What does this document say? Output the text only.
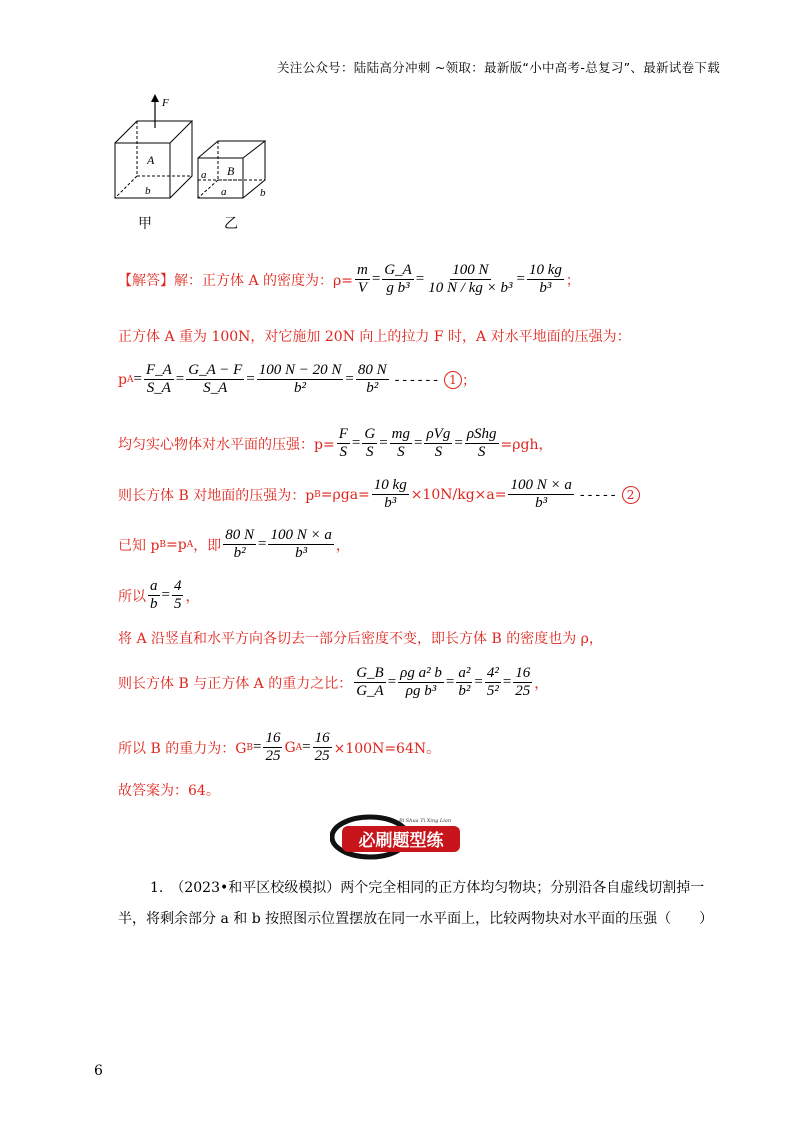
关注公众号：陆陆高分冲刺 ~领取：最新版“小中高考-总复习”、最新试卷下载
F
A
b
B
a
a	b
甲	乙
【解答】 解：正方体 A 的密度为：$\rho= \frac{m}{V} = \frac{G\_A}{\text{g b³}} = \frac{100 N}{\text{10 N / kg × b³}} = \frac{10 kg}{\text{b³}}$ ；
正方体 A 重为 100N，对它施加 20N 向上的拉力 F 时，A 对水平地面的压强为：
p $A = \frac{F\_A}{S\_A} = \frac{G\_A - F}{S\_A} = \frac{100 N - 20 N}{\text{b²}} = \frac{80 N}{\text{b²}}$ ------ 1 ；
均匀实心物体对水平面的压强：$p= \frac{F}{S} = \frac{G}{S} = \frac{mg}{S} = \frac{\text{ρVg}}{S} = \frac{\text{ρShg}}{S} =\rho gh$，
则长方体 B 对地面的压强为：p $B =\rho ga= \frac{10 kg}{\text{b³}} \times 10N/kg\times a= \frac{100 N \times a}{\text{b³}}$ ----- 2
已知 p B =p A ，即 $\frac{80 N}{\text{b²}} = \frac{100 N \times a}{\text{b³}}$ ，
所以 $\frac{a}{b} = \frac{4}{5}$ ，
将 A 沿竖直和水平方向各切去一部分后密度不变，即长方体 B 的密度也为 ρ，
则长方体 B 与正方体 A 的重力之比： $\frac{G\_B}{G\_A} = \frac{\text{ρg a² b}}{\text{ρg b³}} = \frac{\text{a²}}{\text{b²}} = \frac{\text{4²}}{\text{5²}} = \frac{16}{25}$ ，
所以 B 的重力为：G $B = \frac{16}{25}$ G $A = \frac{16}{25} \times 100N=64N$。
故答案为：64。
必刷题型练
Bi Shua Ti Xing Lian
1.　（2023•和平区校级模拟）两个完全相同的正方体均匀物块；分别沿各自虚线切割掉一半，将剩余部分 a 和 b 按照图示位置摆放在同一水平面上，比较两物块对水平面的压强（　　）
6
